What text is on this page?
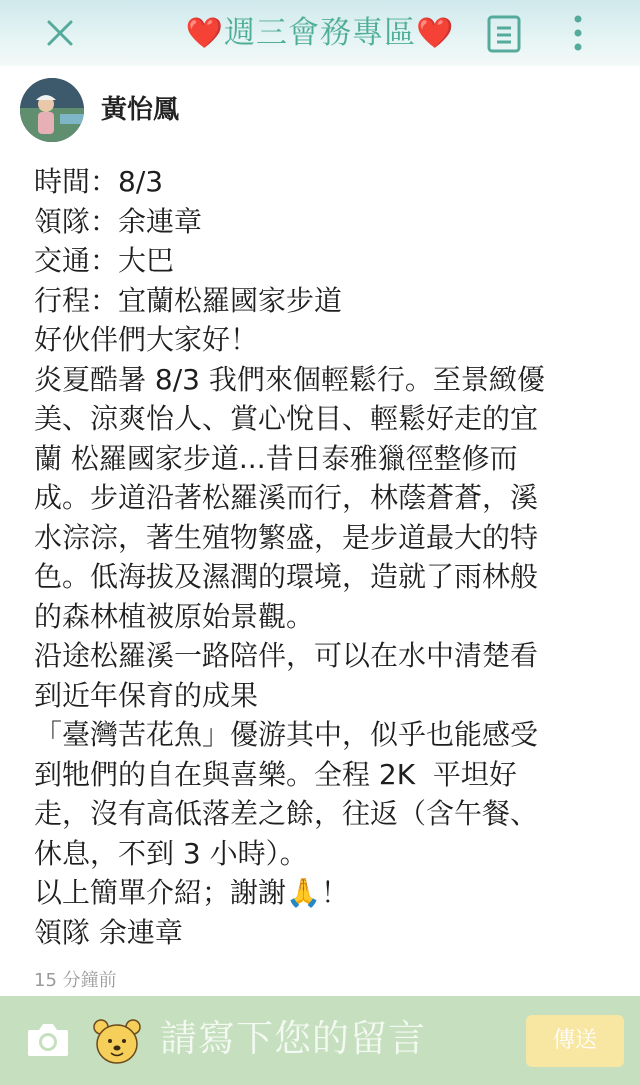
❤️週三會務專區❤️
黃怡鳳
時間：8/3
領隊：余連章
交通：大巴
行程：宜蘭松羅國家步道
好伙伴們大家好！
炎夏酷暑 8/3 我們來個輕鬆行。至景緻優
美、涼爽怡人、賞心悅目、輕鬆好走的宜
蘭 松羅國家步道...昔日泰雅獵徑整修而
成。步道沿著松羅溪而行，林蔭蒼蒼，溪
水淙淙，著生殖物繁盛，是步道最大的特
色。低海拔及濕潤的環境，造就了雨林般
的森林植被原始景觀。
沿途松羅溪一路陪伴，可以在水中清楚看
到近年保育的成果
「臺灣苦花魚」優游其中，似乎也能感受
到牠們的自在與喜樂。全程 2K  平坦好
走，沒有高低落差之餘，往返（含午餐、
休息，不到 3 小時）。
以上簡單介紹；謝謝🙏！
領隊 余連章
15 分鐘前
請寫下您的留言	傳送
